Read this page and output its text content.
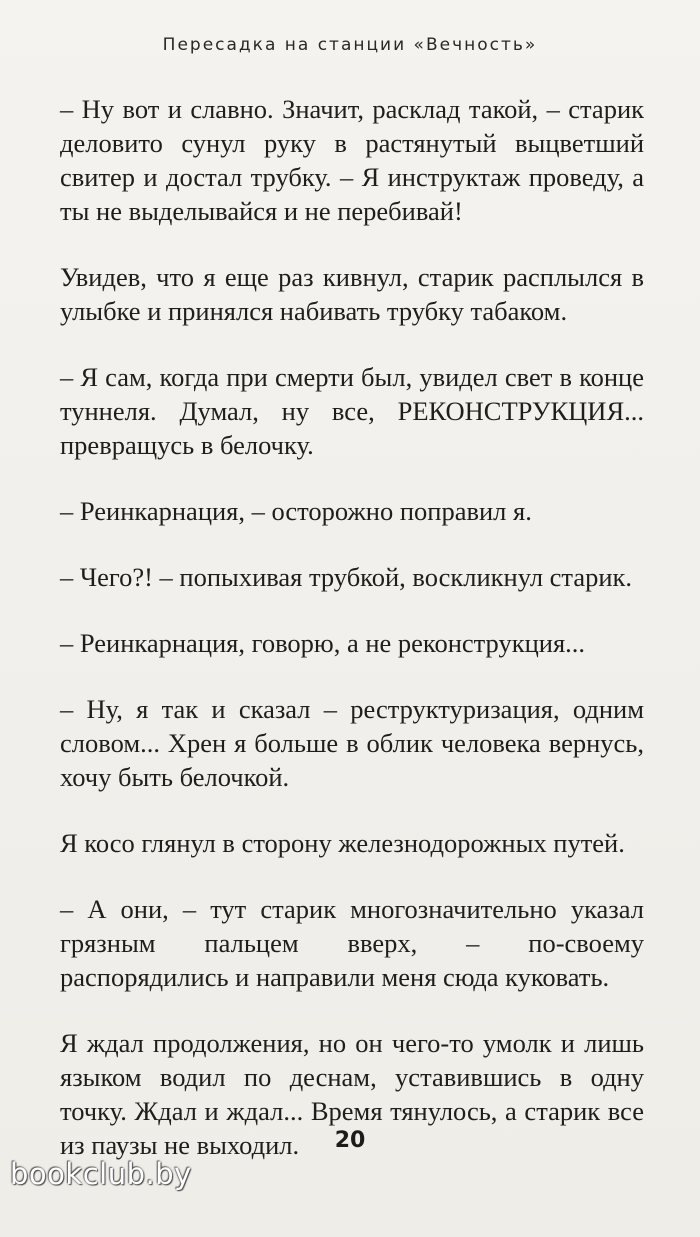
Пересадка на станции «Вечность»

– Ну вот и славно. Значит, расклад такой, – старик деловито сунул руку в растянутый выцветший свитер и достал трубку. – Я инструктаж проведу, а ты не выделывайся и не перебивай!

Увидев, что я еще раз кивнул, старик расплылся в улыбке и принялся набивать трубку табаком.

– Я сам, когда при смерти был, увидел свет в конце туннеля. Думал, ну все, РЕКОНСТРУКЦИЯ... превращусь в белочку.

– Реинкарнация, – осторожно поправил я.

– Чего?! – попыхивая трубкой, воскликнул старик.

– Реинкарнация, говорю, а не реконструкция...

– Ну, я так и сказал – реструктуризация, одним словом... Хрен я больше в облик человека вернусь, хочу быть белочкой.

Я косо глянул в сторону железнодорожных путей.

– А они, – тут старик многозначительно указал грязным пальцем вверх, – по-своему распорядились и направили меня сюда куковать.

Я ждал продолжения, но он чего-то умолк и лишь языком водил по деснам, уставившись в одну точку. Ждал и ждал... Время тянулось, а старик все из паузы не выходил.	20
bookclub.by
